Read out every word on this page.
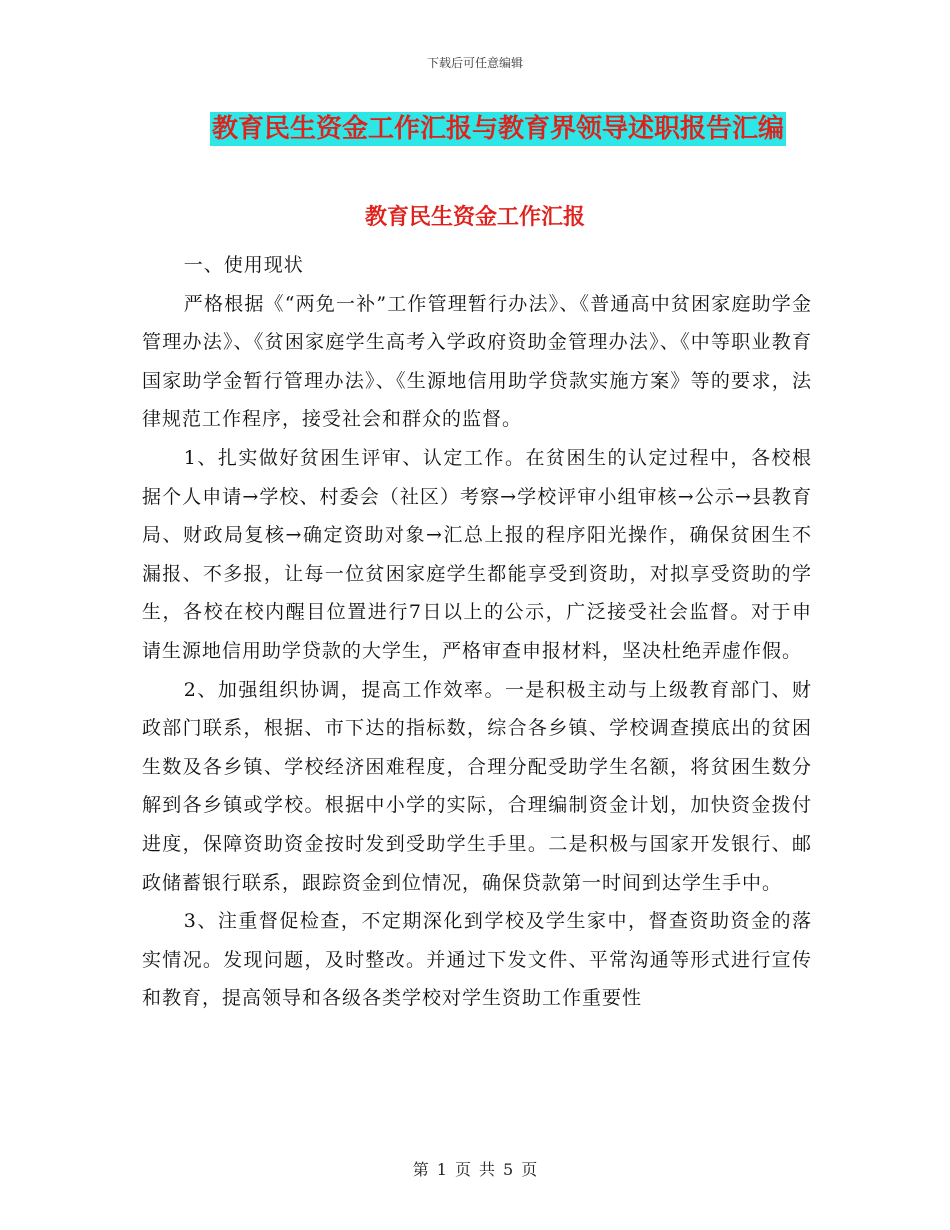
下载后可任意编辑
教育民生资金工作汇报与教育界领导述职报告汇编
教育民生资金工作汇报

一、使用现状

严格根据《“两免一补”工作管理暂行办法》、《普通高中贫困家庭助学金管理办法》、《贫困家庭学生高考入学政府资助金管理办法》、《中等职业教育国家助学金暂行管理办法》、《生源地信用助学贷款实施方案》等的要求，法律规范工作程序，接受社会和群众的监督。

1、扎实做好贫困生评审、认定工作。在贫困生的认定过程中，各校根据个人申请→学校、村委会（社区）考察→学校评审小组审核→公示→县教育局、财政局复核→确定资助对象→汇总上报的程序阳光操作，确保贫困生不漏报、不多报，让每一位贫困家庭学生都能享受到资助，对拟享受资助的学生，各校在校内醒目位置进行7日以上的公示，广泛接受社会监督。对于申请生源地信用助学贷款的大学生，严格审查申报材料，坚决杜绝弄虚作假。

2、加强组织协调，提高工作效率。一是积极主动与上级教育部门、财政部门联系，根据、市下达的指标数，综合各乡镇、学校调查摸底出的贫困生数及各乡镇、学校经济困难程度，合理分配受助学生名额，将贫困生数分解到各乡镇或学校。根据中小学的实际，合理编制资金计划，加快资金拨付进度，保障资助资金按时发到受助学生手里。二是积极与国家开发银行、邮政储蓄银行联系，跟踪资金到位情况，确保贷款第一时间到达学生手中。

3、注重督促检查，不定期深化到学校及学生家中，督查资助资金的落实情况。发现问题，及时整改。并通过下发文件、平常沟通等形式进行宣传和教育，提高领导和各级各类学校对学生资助工作重要性

第 1 页 共 5 页
